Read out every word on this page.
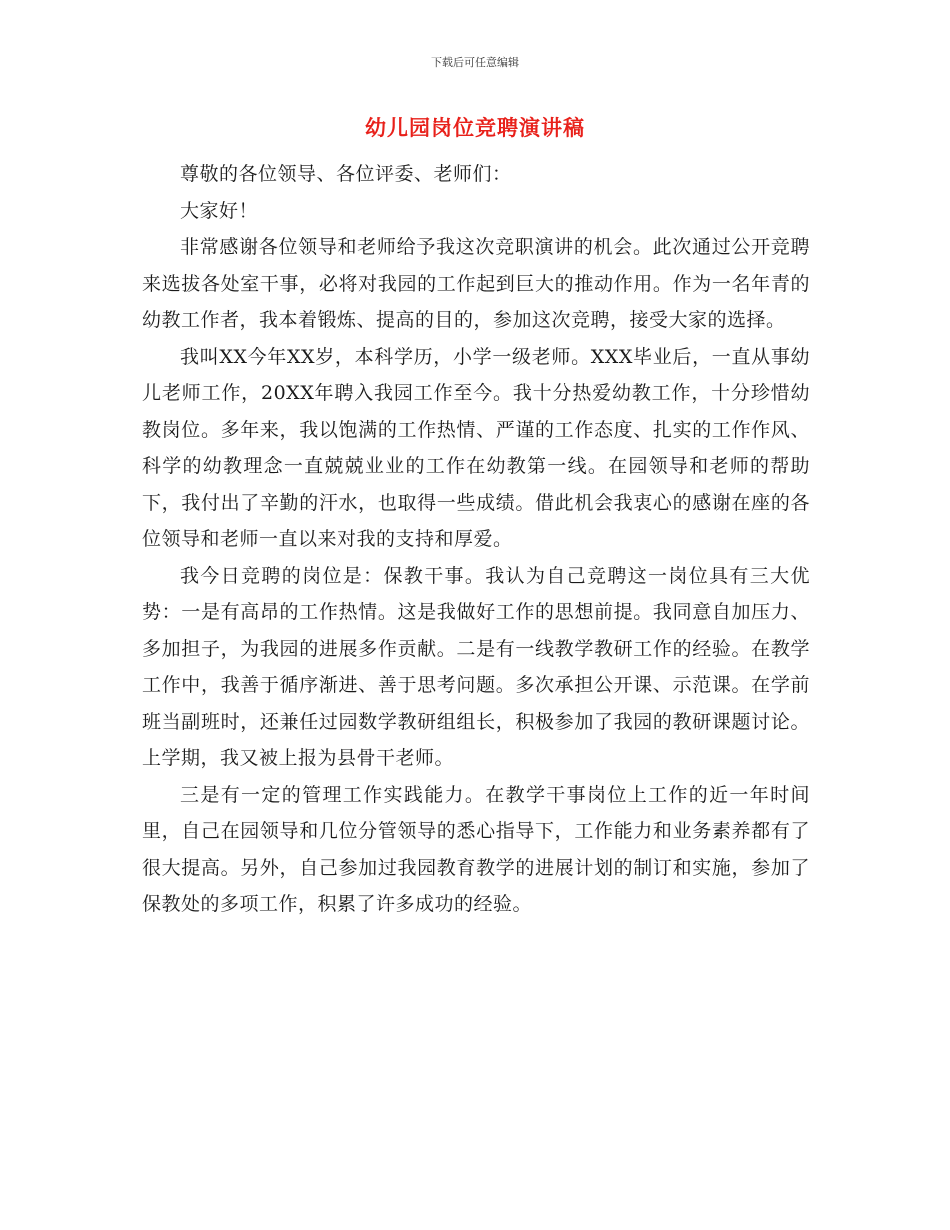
下载后可任意编辑
幼儿园岗位竞聘演讲稿

尊敬的各位领导、各位评委、老师们：

大家好！

非常感谢各位领导和老师给予我这次竞职演讲的机会。此次通过公开竞聘来选拔各处室干事，必将对我园的工作起到巨大的推动作用。作为一名年青的幼教工作者，我本着锻炼、提高的目的，参加这次竞聘，接受大家的选择。

我叫XX今年XX岁，本科学历，小学一级老师。XXX毕业后，一直从事幼儿老师工作，20XX年聘入我园工作至今。我十分热爱幼教工作，十分珍惜幼教岗位。多年来，我以饱满的工作热情、严谨的工作态度、扎实的工作作风、科学的幼教理念一直兢兢业业的工作在幼教第一线。在园领导和老师的帮助下，我付出了辛勤的汗水，也取得一些成绩。借此机会我衷心的感谢在座的各位领导和老师一直以来对我的支持和厚爱。

我今日竞聘的岗位是：保教干事。我认为自己竞聘这一岗位具有三大优势：一是有高昂的工作热情。这是我做好工作的思想前提。我同意自加压力、多加担子，为我园的进展多作贡献。二是有一线教学教研工作的经验。在教学工作中，我善于循序渐进、善于思考问题。多次承担公开课、示范课。在学前班当副班时，还兼任过园数学教研组组长，积极参加了我园的教研课题讨论。上学期，我又被上报为县骨干老师。

三是有一定的管理工作实践能力。在教学干事岗位上工作的近一年时间里，自己在园领导和几位分管领导的悉心指导下，工作能力和业务素养都有了很大提高。另外，自己参加过我园教育教学的进展计划的制订和实施，参加了保教处的多项工作，积累了许多成功的经验。
